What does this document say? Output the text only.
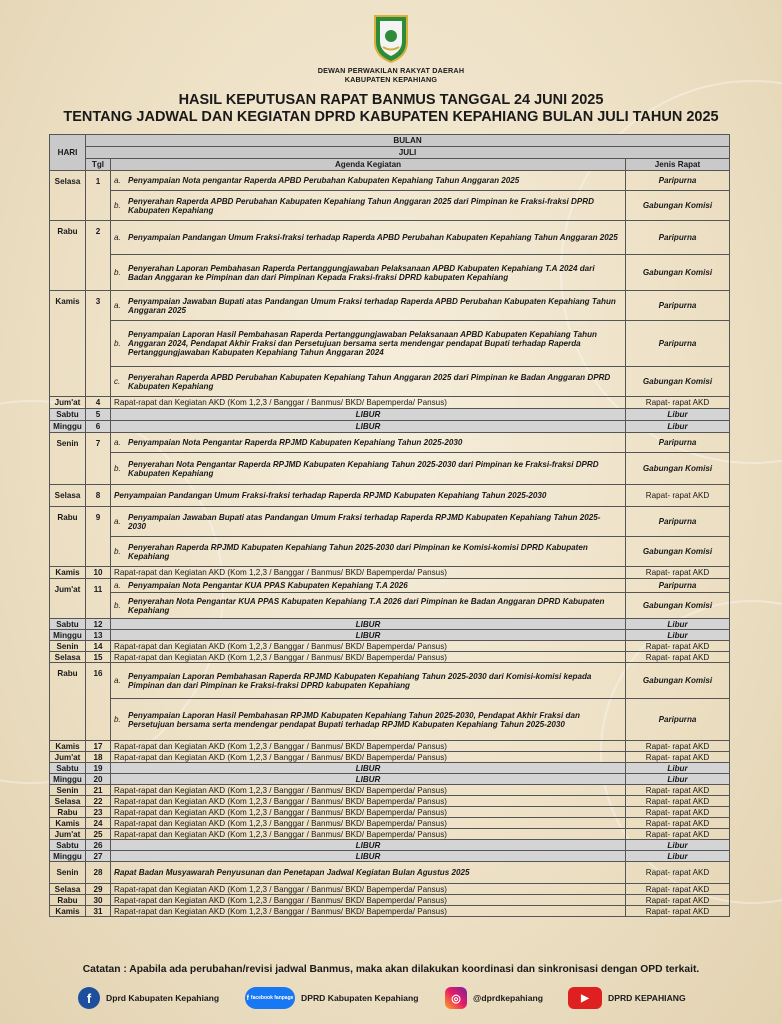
DEWAN PERWAKILAN RAKYAT DAERAH
KABUPATEN KEPAHIANG
HASIL KEPUTUSAN RAPAT BANMUS TANGGAL 24 JUNI 2025
TENTANG JADWAL DAN KEGIATAN DPRD KABUPATEN KEPAHIANG BULAN JULI TAHUN 2025
HARI	BULAN		
	JULI		
	Tgl	Agenda Kegiatan	Jenis Rapat
Selasa	1	a. Penyampaian Nota pengantar Raperda APBD Perubahan Kabupaten Kepahiang Tahun Anggaran 2025	Paripurna
		b. Penyerahan Raperda APBD Perubahan Kabupaten Kepahiang Tahun Anggaran 2025 dari Pimpinan ke Fraksi-fraksi DPRD Kabupaten Kepahiang	Gabungan Komisi
Rabu	2	a. Penyampaian Pandangan Umum Fraksi-fraksi terhadap Raperda APBD Perubahan Kabupaten Kepahiang Tahun Anggaran 2025	Paripurna
		b. Penyerahan Laporan Pembahasan Raperda Pertanggungjawaban Pelaksanaan APBD Kabupaten Kepahiang T.A 2024 dari Badan Anggaran ke Pimpinan dan dari Pimpinan Kepada Fraksi-fraksi DPRD kabupaten Kepahiang	Gabungan Komisi
Kamis	3	a. Penyampaian Jawaban Bupati atas Pandangan Umum Fraksi terhadap Raperda APBD Perubahan Kabupaten Kepahiang Tahun Anggaran 2025	Paripurna
		b.Penyampaian Laporan Hasil Pembahasan Raperda Pertanggungjawaban Pelaksanaan APBD Kabupaten Kepahiang Tahun Anggaran 2024, Pendapat Akhir Fraksi dan Persetujuan bersama serta mendengar pendapat Bupati terhadap Raperda Pertanggungjawaban Kabupaten Kepahiang Tahun Anggaran 2024	Paripurna
		c. Penyerahan Raperda APBD Perubahan Kabupaten Kepahiang Tahun Anggaran 2025 dari Pimpinan ke Badan Anggaran DPRD Kabupaten Kepahiang	Gabungan Komisi
Jum'at	4	Rapat-rapat dan Kegiatan AKD (Kom 1,2,3 / Banggar / Banmus/ BKD/ Bapemperda/ Pansus)	Rapat- rapat AKD
Sabtu	5	LIBUR	Libur
Minggu	6	LIBUR	Libur
Senin	7	a. Penyampaian Nota Pengantar Raperda RPJMD Kabupaten Kepahiang Tahun 2025-2030	Paripurna
		b. Penyerahan Nota Pengantar Raperda RPJMD Kabupaten Kepahiang Tahun 2025-2030 dari Pimpinan ke Fraksi-fraksi DPRD Kabupaten Kepahiang	Gabungan Komisi
Selasa	8	Penyampaian Pandangan Umum Fraksi-fraksi terhadap Raperda RPJMD Kabupaten Kepahiang Tahun 2025-2030	Rapat- rapat AKD
Rabu	9	a. Penyampaian Jawaban Bupati atas Pandangan Umum Fraksi terhadap Raperda RPJMD Kabupaten Kepahiang Tahun 2025-2030	Paripurna
		b. Penyerahan Raperda RPJMD Kabupaten Kepahiang Tahun 2025-2030 dari Pimpinan ke Komisi-komisi DPRD Kabupaten Kepahiang	Gabungan Komisi
Kamis	10	Rapat-rapat dan Kegiatan AKD (Kom 1,2,3 / Banggar / Banmus/ BKD/ Bapemperda/ Pansus)	Rapat- rapat AKD
Jum'at	11	a. Penyampaian Nota Pengantar KUA PPAS Kabupaten Kepahiang T.A 2026	Paripurna
		b. Penyerahan Nota Pengantar KUA PPAS Kabupaten Kepahiang T.A 2026 dari Pimpinan ke Badan Anggaran DPRD Kabupaten Kepahiang	Gabungan Komisi
Sabtu	12	LIBUR	Libur
Minggu	13	LIBUR	Libur
Senin	14	Rapat-rapat dan Kegiatan AKD (Kom 1,2,3 / Banggar / Banmus/ BKD/ Bapemperda/ Pansus)	Rapat- rapat AKD
Selasa	15	Rapat-rapat dan Kegiatan AKD (Kom 1,2,3 / Banggar / Banmus/ BKD/ Bapemperda/ Pansus)	Rapat- rapat AKD
Rabu	16	a. Penyampaian Laporan Pembahasan Raperda RPJMD Kabupaten Kepahiang Tahun 2025-2030 dari Komisi-komisi kepada Pimpinan dan dari Pimpinan ke Fraksi-fraksi DPRD kabupaten Kepahiang	Gabungan Komisi
		b. Penyampaian Laporan Hasil Pembahasan RPJMD Kabupaten Kepahiang Tahun 2025-2030, Pendapat Akhir Fraksi dan Persetujuan bersama serta mendengar pendapat Bupati terhadap RPJMD Kabupaten Kepahiang Tahun 2025-2030	Paripurna
Kamis	17	Rapat-rapat dan Kegiatan AKD (Kom 1,2,3 / Banggar / Banmus/ BKD/ Bapemperda/ Pansus)	Rapat- rapat AKD
Jum'at	18	Rapat-rapat dan Kegiatan AKD (Kom 1,2,3 / Banggar / Banmus/ BKD/ Bapemperda/ Pansus)	Rapat- rapat AKD
Sabtu	19	LIBUR	Libur
Minggu	20	LIBUR	Libur
Senin	21	Rapat-rapat dan Kegiatan AKD (Kom 1,2,3 / Banggar / Banmus/ BKD/ Bapemperda/ Pansus)	Rapat- rapat AKD
Selasa	22	Rapat-rapat dan Kegiatan AKD (Kom 1,2,3 / Banggar / Banmus/ BKD/ Bapemperda/ Pansus)	Rapat- rapat AKD
Rabu	23	Rapat-rapat dan Kegiatan AKD (Kom 1,2,3 / Banggar / Banmus/ BKD/ Bapemperda/ Pansus)	Rapat- rapat AKD
Kamis	24	Rapat-rapat dan Kegiatan AKD (Kom 1,2,3 / Banggar / Banmus/ BKD/ Bapemperda/ Pansus)	Rapat- rapat AKD
Jum'at	25	Rapat-rapat dan Kegiatan AKD (Kom 1,2,3 / Banggar / Banmus/ BKD/ Bapemperda/ Pansus)	Rapat- rapat AKD
Sabtu	26	LIBUR	Libur
Minggu	27	LIBUR	Libur
Senin	28	Rapat Badan Musyawarah Penyusunan dan Penetapan Jadwal Kegiatan Bulan Agustus 2025	Rapat- rapat AKD
Selasa	29	Rapat-rapat dan Kegiatan AKD (Kom 1,2,3 / Banggar / Banmus/ BKD/ Bapemperda/ Pansus)	Rapat- rapat AKD
Rabu	30	Rapat-rapat dan Kegiatan AKD (Kom 1,2,3 / Banggar / Banmus/ BKD/ Bapemperda/ Pansus)	Rapat- rapat AKD
Kamis	31	Rapat-rapat dan Kegiatan AKD (Kom 1,2,3 / Banggar / Banmus/ BKD/ Bapemperda/ Pansus)	Rapat- rapat AKD
Catatan : Apabila ada perubahan/revisi jadwal Banmus, maka akan dilakukan koordinasi dan sinkronisasi dengan OPD terkait.
f	Dprd Kabupaten Kepahiang	f facebook fanpage DPRD Kabupaten Kepahiang	◎	@dprdkepahiang	▶	DPRD KEPAHIANG
